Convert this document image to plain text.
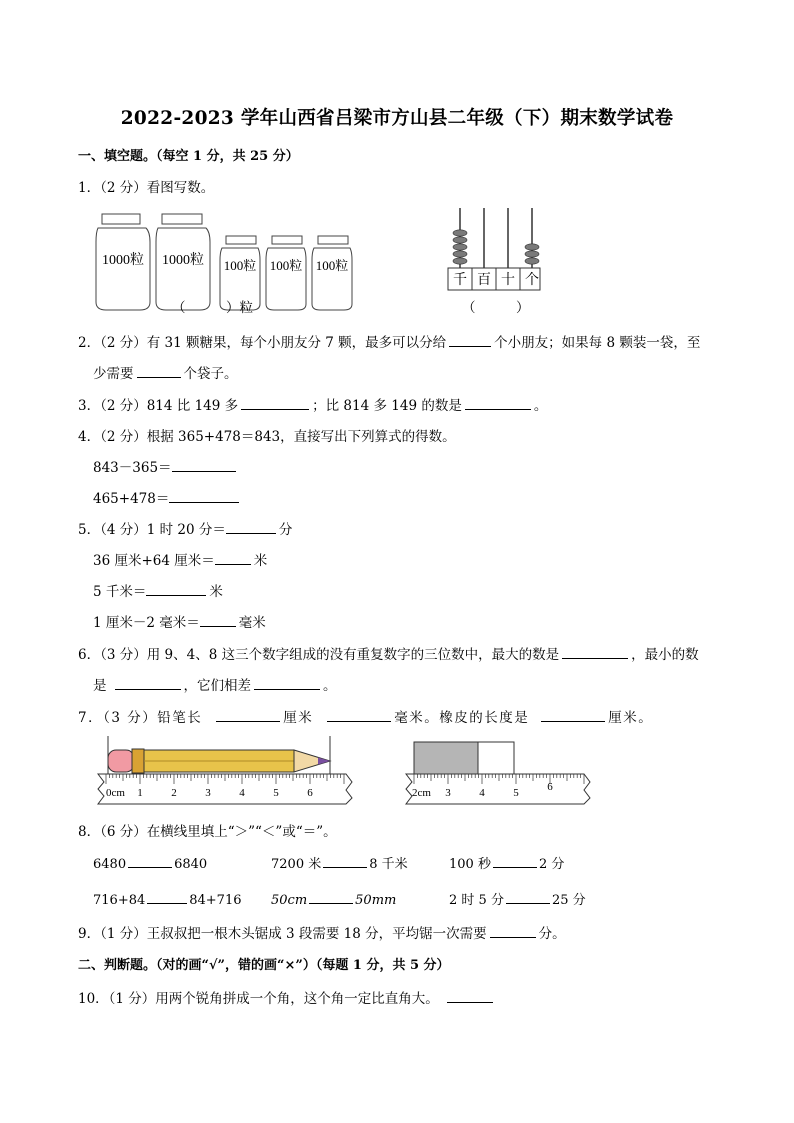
2022-2023 学年山西省吕梁市方山县二年级（下）期末数学试卷
一、填空题。（每空 1 分，共 25 分）
1．（2 分）看图写数。
1000粒 1000粒 100粒 100粒 100粒
（　　　）粒
千 百 十 个
（　　　）
2．（2 分）有 31 颗糖果，每个小朋友分 7 颗，最多可以分给	个小朋友；如果每 8 颗装一袋，至
少需要	个袋子。
3．（2 分）814 比 149 多	；比 814 多 149 的数是	。
4．（2 分）根据 365+478＝843，直接写出下列算式的得数。
843－365＝
465+478＝
5．（4 分）1 时 20 分＝	分
36 厘米+64 厘米＝	米
5 千米＝	米
1 厘米－2 毫米＝	毫米
6．（3 分）用 9、4、8 这三个数字组成的没有重复数字的三位数中，最大的数是	，最小的数
是	，它们相差	。
7．（3 分）铅笔长	厘米	毫米。橡皮的长度是	厘米。
0cm 1	2	3	4	5	6	2cm 3	4	5	6
8．（6 分）在横线里填上“＞”“＜”或“＝”。
6480	6840	7200 米	8 千米	100 秒	2 分
716+84	84+716 50cm	50mm	2 时 5 分	25 分
9．（1 分）王叔叔把一根木头锯成 3 段需要 18 分，平均锯一次需要	分。
二、判断题。（对的画“√”，错的画“×”）（每题 1 分，共 5 分）
10．（1 分）用两个锐角拼成一个角，这个角一定比直角大。
